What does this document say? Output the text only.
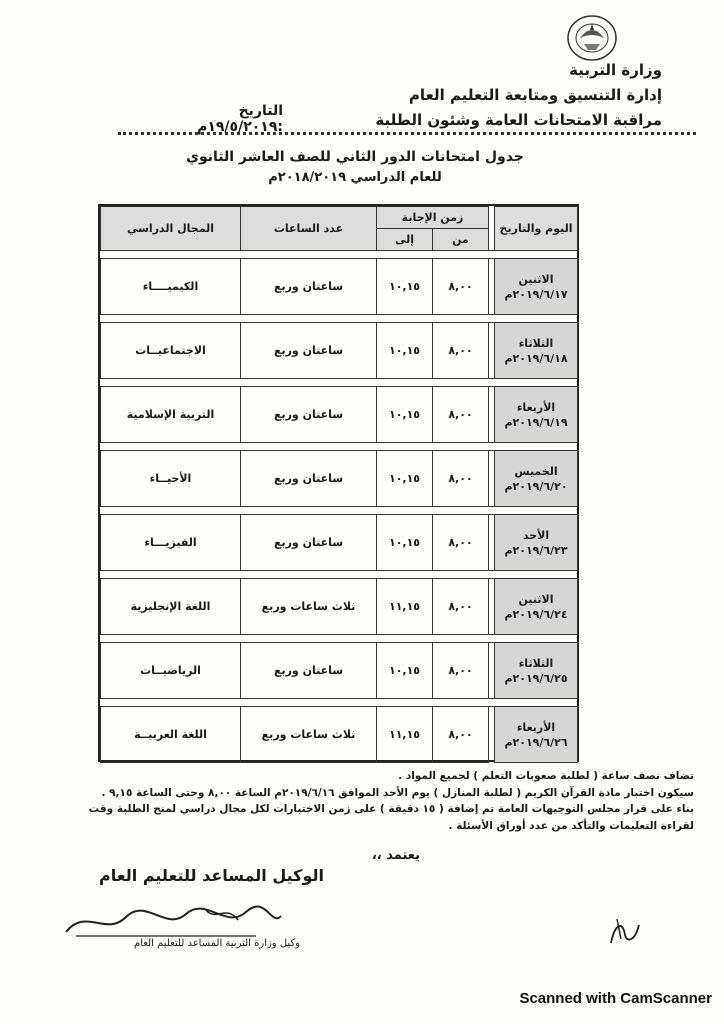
وزارة التربية
إدارة التنسيق ومتابعة التعليم العام
مراقبة الامتحانات العامة وشئون الطلبة
التاريخ :١٩/٥/٢٠١٩م
جدول امتحانات الدور الثاني للصف العاشر الثانوي
للعام الدراسي ٢٠١٨/٢٠١٩م
اليوم والتاريخ		زمن الإجابة		عدد الساعات	المجال الدراسي
		من	إلى		

الاثنين
٢٠١٩/٦/١٧م		٨,٠٠	١٠,١٥	ساعتان وربع	الكيميــــاء

الثلاثاء
٢٠١٩/٦/١٨م		٨,٠٠	١٠,١٥	ساعتان وربع	الاجتماعيــات

الأربعاء
٢٠١٩/٦/١٩م		٨,٠٠	١٠,١٥	ساعتان وربع	التربية الإسلامية

الخميس
٢٠١٩/٦/٢٠م		٨,٠٠	١٠,١٥	ساعتان وربع	الأحيــاء

الأحد
٢٠١٩/٦/٢٣م		٨,٠٠	١٠,١٥	ساعتان وربع	الفيزيـــاء

الاثنين
٢٠١٩/٦/٢٤م		٨,٠٠	١١,١٥	ثلاث ساعات وربع	اللغة الإنجليزية

الثلاثاء
٢٠١٩/٦/٢٥م		٨,٠٠	١٠,١٥	ساعتان وربع	الرياضيــات

الأربعاء
٢٠١٩/٦/٢٦م		٨,٠٠	١١,١٥	ثلاث ساعات وربع	اللغة العربيــة
تضاف نصف ساعة ( لطلبة صعوبات التعلم ) لجميع المواد .
سيكون اختبار مادة القرآن الكريم ( لطلبة المنازل ) يوم الأحد الموافق ٢٠١٩/٦/١٦م الساعة ٨,٠٠ وحتى الساعة ٩,١٥ .
بناء على قرار مجلس التوجيهات العامة تم إضافة ( ١٥ دقيقة ) على زمن الاختبارات لكل مجال دراسي لمنح الطلبة وقت لقراءة التعليمات والتأكد من عدد أوراق الأسئلة .
يعتمد ،،
الوكيل المساعد للتعليم العام
وكيل وزارة التربية المساعد للتعليم العام
Scanned with CamScanner
